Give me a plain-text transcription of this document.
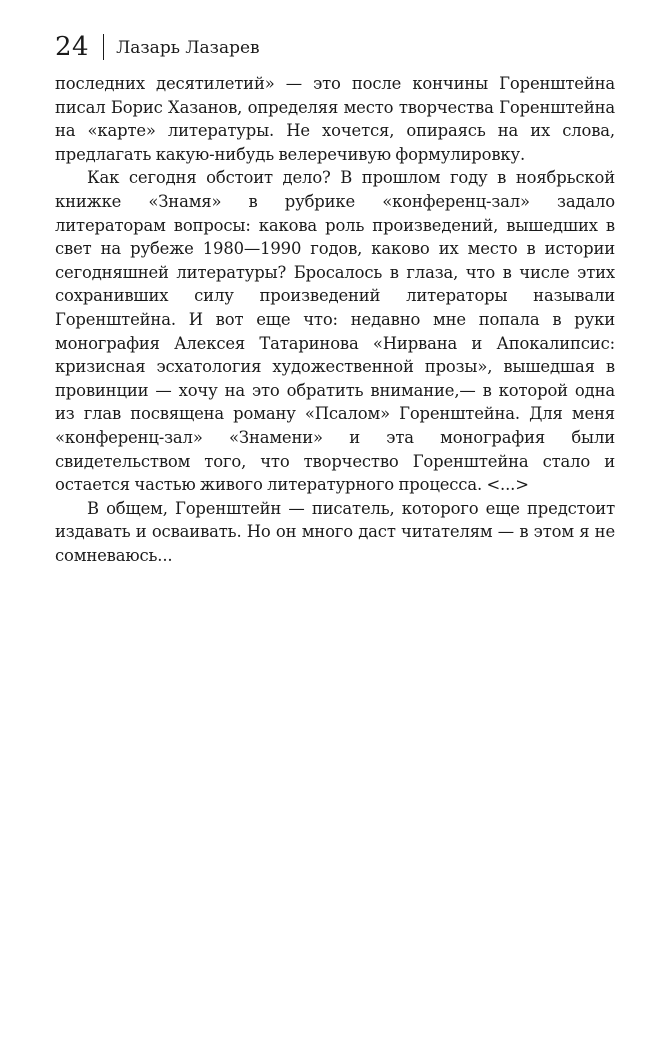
24 Лазарь Лазарев

последних десятилетий» — это после кончины Горенштейна писал Борис Хазанов, определяя место творчества Горенштейна на «карте» литературы. Не хочется, опираясь на их слова, предлагать какую-нибудь велеречивую формулировку.

Как сегодня обстоит дело? В прошлом году в ноябрьской книжке «Знамя» в рубрике «конференц-зал» задало литераторам вопросы: какова роль произведений, вышедших в свет на рубеже 1980—1990 годов, каково их место в истории сегодняшней литературы? Бросалось в глаза, что в числе этих сохранивших силу произведений литераторы называли Горенштейна. И вот еще что: недавно мне попала в руки монография Алексея Татаринова «Нирвана и Апокалипсис: кризисная эсхатология художественной прозы», вышедшая в провинции — хочу на это обратить внимание,— в которой одна из глав посвящена роману «Псалом» Горенштейна. Для меня «конференц-зал» «Знамени» и эта монография были свидетельством того, что творчество Горенштейна стало и остается частью живого литературного процесса. <...>

В общем, Горенштейн — писатель, которого еще предстоит издавать и осваивать. Но он много даст читателям — в этом я не сомневаюсь...
